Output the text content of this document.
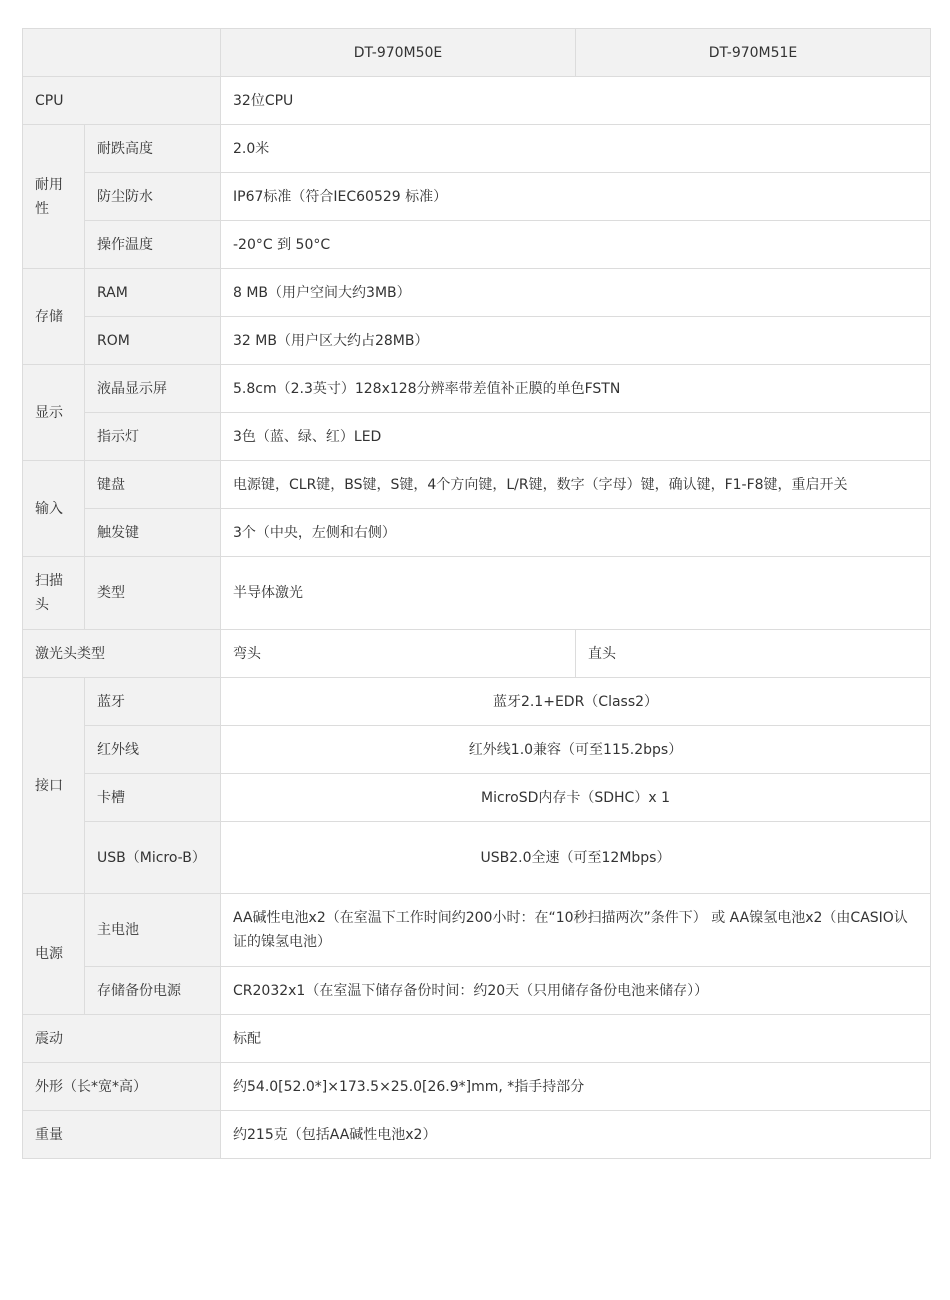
		DT-970M50E	DT-970M51E
CPU		32位CPU	
耐用性	耐跌高度	2.0米	
	防尘防水	IP67标准（符合IEC60529 标准）	
	操作温度	-20°C 到 50°C	
存储	RAM	8 MB（用户空间大约3MB）	
	ROM	32 MB（用户区大约占28MB）	
显示	液晶显示屏	5.8cm（2.3英寸）128x128分辨率带差值补正膜的单色FSTN	
	指示灯	3色（蓝、绿、红）LED	
输入	键盘	电源键，CLR键，BS键，S键，4个方向键，L/R键，数字（字母）键，确认键，F1-F8键，重启开关	
	触发键	3个（中央，左侧和右侧）	
扫描头	类型	半导体激光	
激光头类型		弯头	直头
接口	蓝牙	蓝牙2.1+EDR（Class2）	
	红外线	红外线1.0兼容（可至115.2bps）	
	卡槽	MicroSD内存卡（SDHC）x 1	
	USB（Micro-B）	USB2.0全速（可至12Mbps）	
电源	主电池	AA碱性电池x2（在室温下工作时间约200小时：在“10秒扫描两次”条件下） 或 AA镍氢电池x2（由CASIO认证的镍氢电池）	
	存储备份电源	CR2032x1（在室温下储存备份时间：约20天（只用储存备份电池来储存））	
震动		标配	
外形（长*宽*高）		约54.0[52.0*]×173.5×25.0[26.9*]mm, *指手持部分	
重量		约215克（包括AA碱性电池x2）	
